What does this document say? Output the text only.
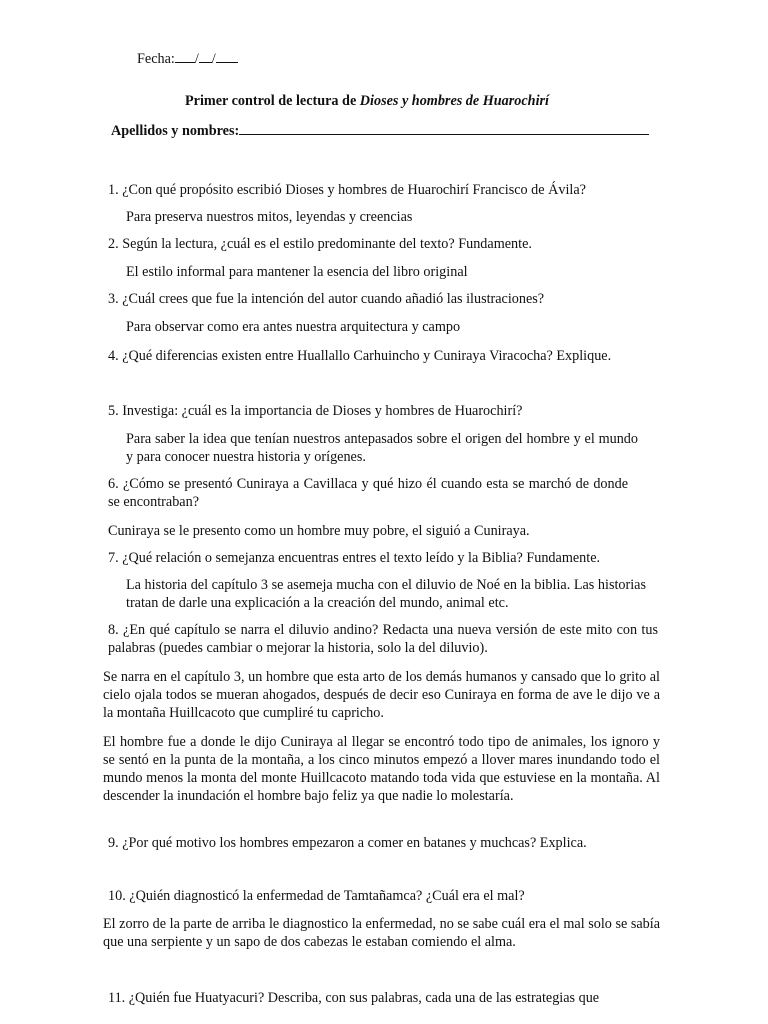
Fecha: / /
Primer control de lectura de Dioses y hombres de Huarochirí
Apellidos y nombres:
1. ¿Con qué propósito escribió Dioses y hombres de Huarochirí Francisco de Ávila?
Para preserva nuestros mitos, leyendas y creencias
2. Según la lectura, ¿cuál es el estilo predominante del texto? Fundamente.
El estilo informal para mantener la esencia del libro original
3. ¿Cuál crees que fue la intención del autor cuando añadió las ilustraciones?
Para observar como era antes nuestra arquitectura y campo
4. ¿Qué diferencias existen entre Huallallo Carhuincho y Cuniraya Viracocha? Explique.
5. Investiga: ¿cuál es la importancia de Dioses y hombres de Huarochirí?
Para saber la idea que tenían nuestros antepasados sobre el origen del hombre y el mundo y para conocer nuestra historia y orígenes.
6. ¿Cómo se presentó Cuniraya a Cavillaca y qué hizo él cuando esta se marchó de donde se encontraban?
Cuniraya se le presento como un hombre muy pobre, el siguió a Cuniraya.
7. ¿Qué relación o semejanza encuentras entres el texto leído y la Biblia? Fundamente.
La historia del capítulo 3 se asemeja mucha con el diluvio de Noé en la biblia. Las historias tratan de darle una explicación a la creación del mundo, animal etc.
8. ¿En qué capítulo se narra el diluvio andino? Redacta una nueva versión de este mito con tus palabras (puedes cambiar o mejorar la historia, solo la del diluvio).
Se narra en el capítulo 3, un hombre que esta arto de los demás humanos y cansado que lo grito al cielo ojala todos se mueran ahogados, después de decir eso Cuniraya en forma de ave le dijo ve a la montaña Huillcacoto que cumpliré tu capricho.
El hombre fue a donde le dijo Cuniraya al llegar se encontró todo tipo de animales, los ignoro y se sentó en la punta de la montaña, a los cinco minutos empezó a llover mares inundando todo el mundo menos la monta del monte Huillcacoto matando toda vida que estuviese en la montaña. Al descender la inundación el hombre bajo feliz ya que nadie lo molestaría.
9. ¿Por qué motivo los hombres empezaron a comer en batanes y muchcas? Explica.
10. ¿Quién diagnosticó la enfermedad de Tamtañamca? ¿Cuál era el mal?
El zorro de la parte de arriba le diagnostico la enfermedad, no se sabe cuál era el mal solo se sabía que una serpiente y un sapo de dos cabezas le estaban comiendo el alma.
11. ¿Quién fue Huatyacuri? Describa, con sus palabras, cada una de las estrategias que
